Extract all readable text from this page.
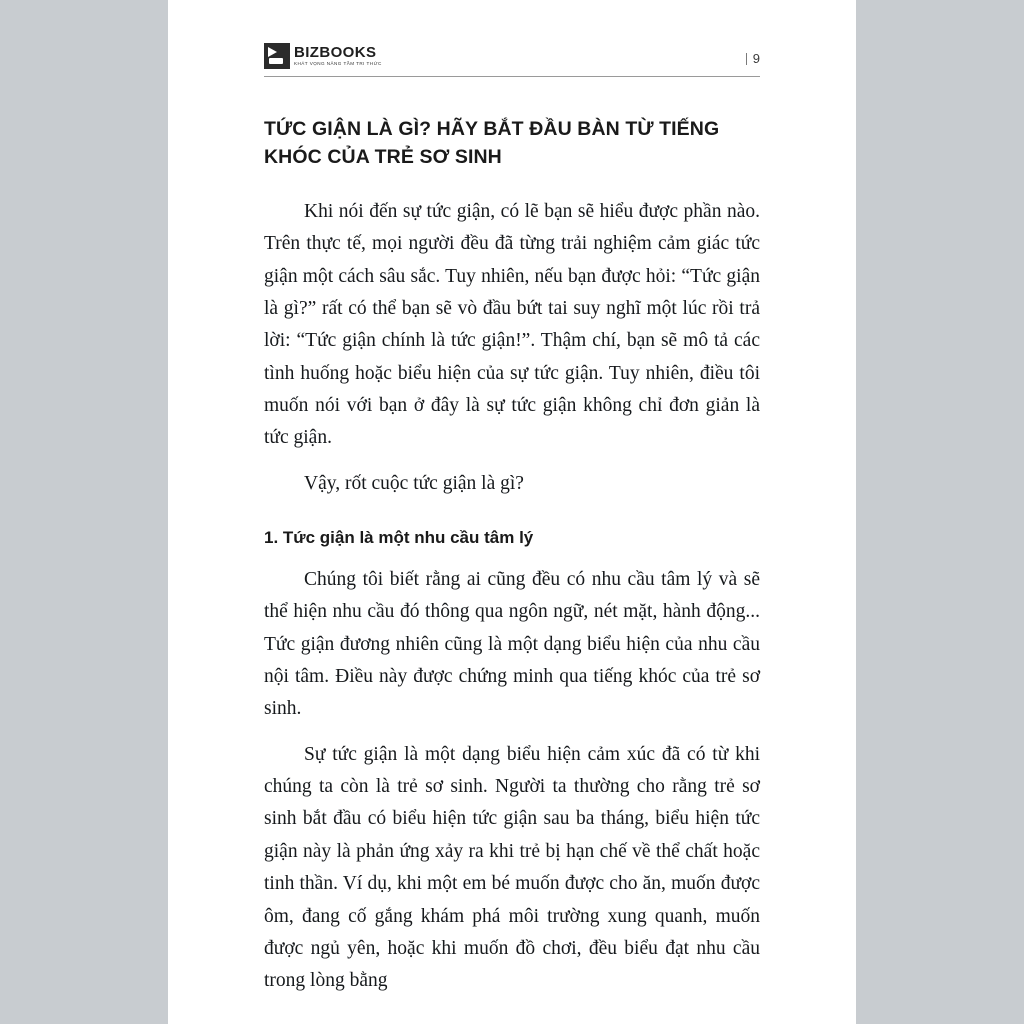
BIZBOOKS
KHÁT VỌNG NÂNG TẦM TRI THỨC	9
TỨC GIẬN LÀ GÌ? HÃY BẮT ĐẦU BÀN TỪ TIẾNG KHÓC CỦA TRẺ SƠ SINH

Khi nói đến sự tức giận, có lẽ bạn sẽ hiểu được phần nào. Trên thực tế, mọi người đều đã từng trải nghiệm cảm giác tức giận một cách sâu sắc. Tuy nhiên, nếu bạn được hỏi: “Tức giận là gì?” rất có thể bạn sẽ vò đầu bứt tai suy nghĩ một lúc rồi trả lời: “Tức giận chính là tức giận!”. Thậm chí, bạn sẽ mô tả các tình huống hoặc biểu hiện của sự tức giận. Tuy nhiên, điều tôi muốn nói với bạn ở đây là sự tức giận không chỉ đơn giản là tức giận.

Vậy, rốt cuộc tức giận là gì?

1. Tức giận là một nhu cầu tâm lý

Chúng tôi biết rằng ai cũng đều có nhu cầu tâm lý và sẽ thể hiện nhu cầu đó thông qua ngôn ngữ, nét mặt, hành động... Tức giận đương nhiên cũng là một dạng biểu hiện của nhu cầu nội tâm. Điều này được chứng minh qua tiếng khóc của trẻ sơ sinh.

Sự tức giận là một dạng biểu hiện cảm xúc đã có từ khi chúng ta còn là trẻ sơ sinh. Người ta thường cho rằng trẻ sơ sinh bắt đầu có biểu hiện tức giận sau ba tháng, biểu hiện tức giận này là phản ứng xảy ra khi trẻ bị hạn chế về thể chất hoặc tinh thần. Ví dụ, khi một em bé muốn được cho ăn, muốn được ôm, đang cố gắng khám phá môi trường xung quanh, muốn được ngủ yên, hoặc khi muốn đồ chơi, đều biểu đạt nhu cầu trong lòng bằng
